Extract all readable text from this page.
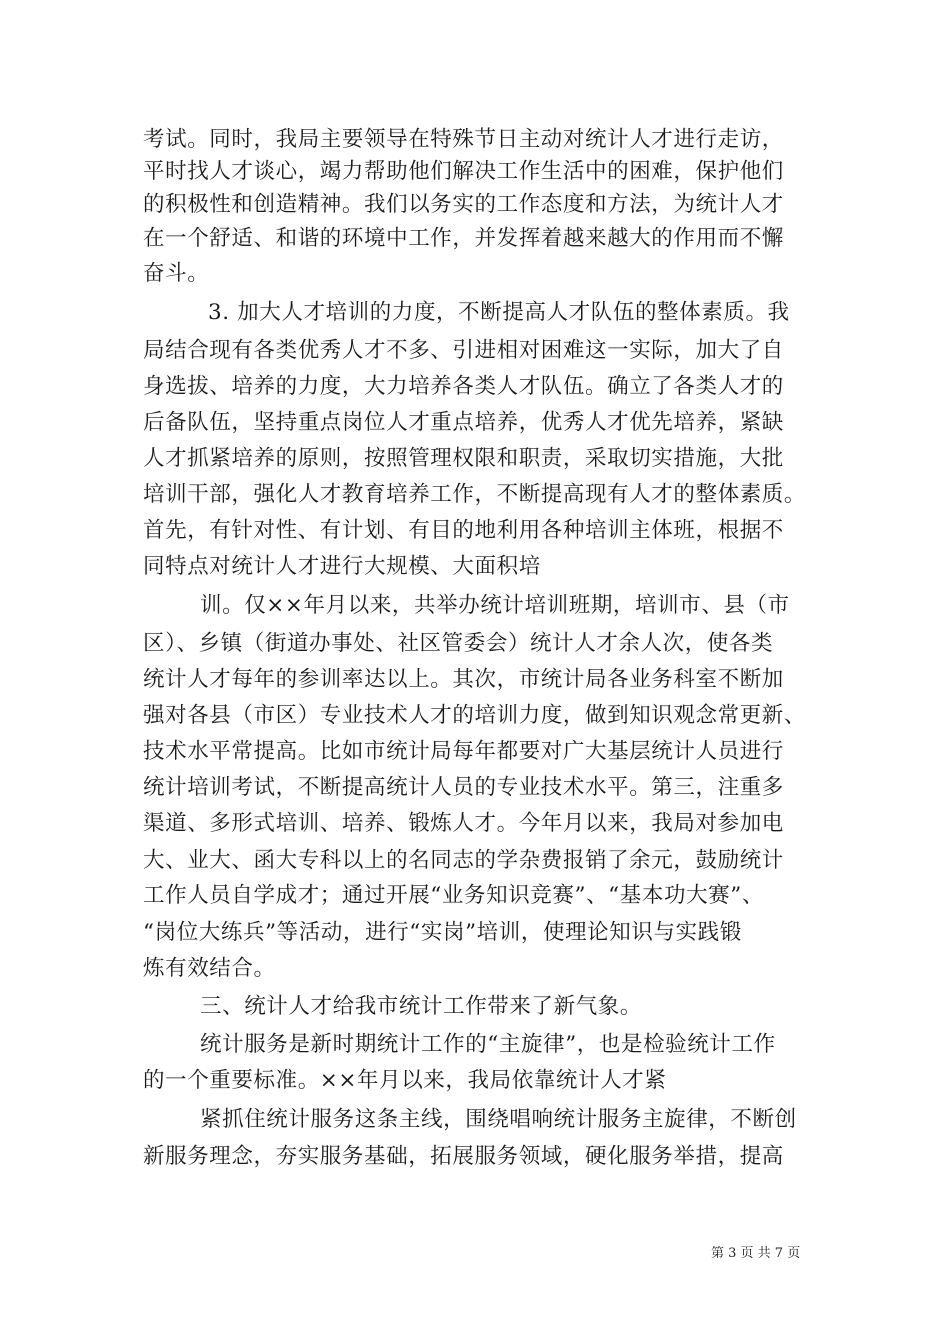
考试。同时，我局主要领导在特殊节日主动对统计人才进行走访，
平时找人才谈心，竭力帮助他们解决工作生活中的困难，保护他们
的积极性和创造精神。我们以务实的工作态度和方法，为统计人才
在一个舒适、和谐的环境中工作，并发挥着越来越大的作用而不懈
奋斗。
3. 加大人才培训的力度，不断提高人才队伍的整体素质。我
局结合现有各类优秀人才不多、引进相对困难这一实际，加大了自
身选拔、培养的力度，大力培养各类人才队伍。确立了各类人才的
后备队伍，坚持重点岗位人才重点培养，优秀人才优先培养，紧缺
人才抓紧培养的原则，按照管理权限和职责，采取切实措施，大批
培训干部，强化人才教育培养工作，不断提高现有人才的整体素质。
首先，有针对性、有计划、有目的地利用各种培训主体班，根据不
同特点对统计人才进行大规模、大面积培
训。仅××年月以来，共举办统计培训班期，培训市、县（市
区）、乡镇（街道办事处、社区管委会）统计人才余人次，使各类
统计人才每年的参训率达以上。其次，市统计局各业务科室不断加
强对各县（市区）专业技术人才的培训力度，做到知识观念常更新、
技术水平常提高。比如市统计局每年都要对广大基层统计人员进行
统计培训考试，不断提高统计人员的专业技术水平。第三，注重多
渠道、多形式培训、培养、锻炼人才。今年月以来，我局对参加电
大、业大、函大专科以上的名同志的学杂费报销了余元，鼓励统计
工作人员自学成才；通过开展“业务知识竞赛”、“基本功大赛”、
“岗位大练兵”等活动，进行“实岗”培训，使理论知识与实践锻
炼有效结合。
三、统计人才给我市统计工作带来了新气象。
统计服务是新时期统计工作的“主旋律”，也是检验统计工作
的一个重要标准。××年月以来，我局依靠统计人才紧
紧抓住统计服务这条主线，围绕唱响统计服务主旋律，不断创
新服务理念，夯实服务基础，拓展服务领域，硬化服务举措，提高
第 3 页 共 7 页
